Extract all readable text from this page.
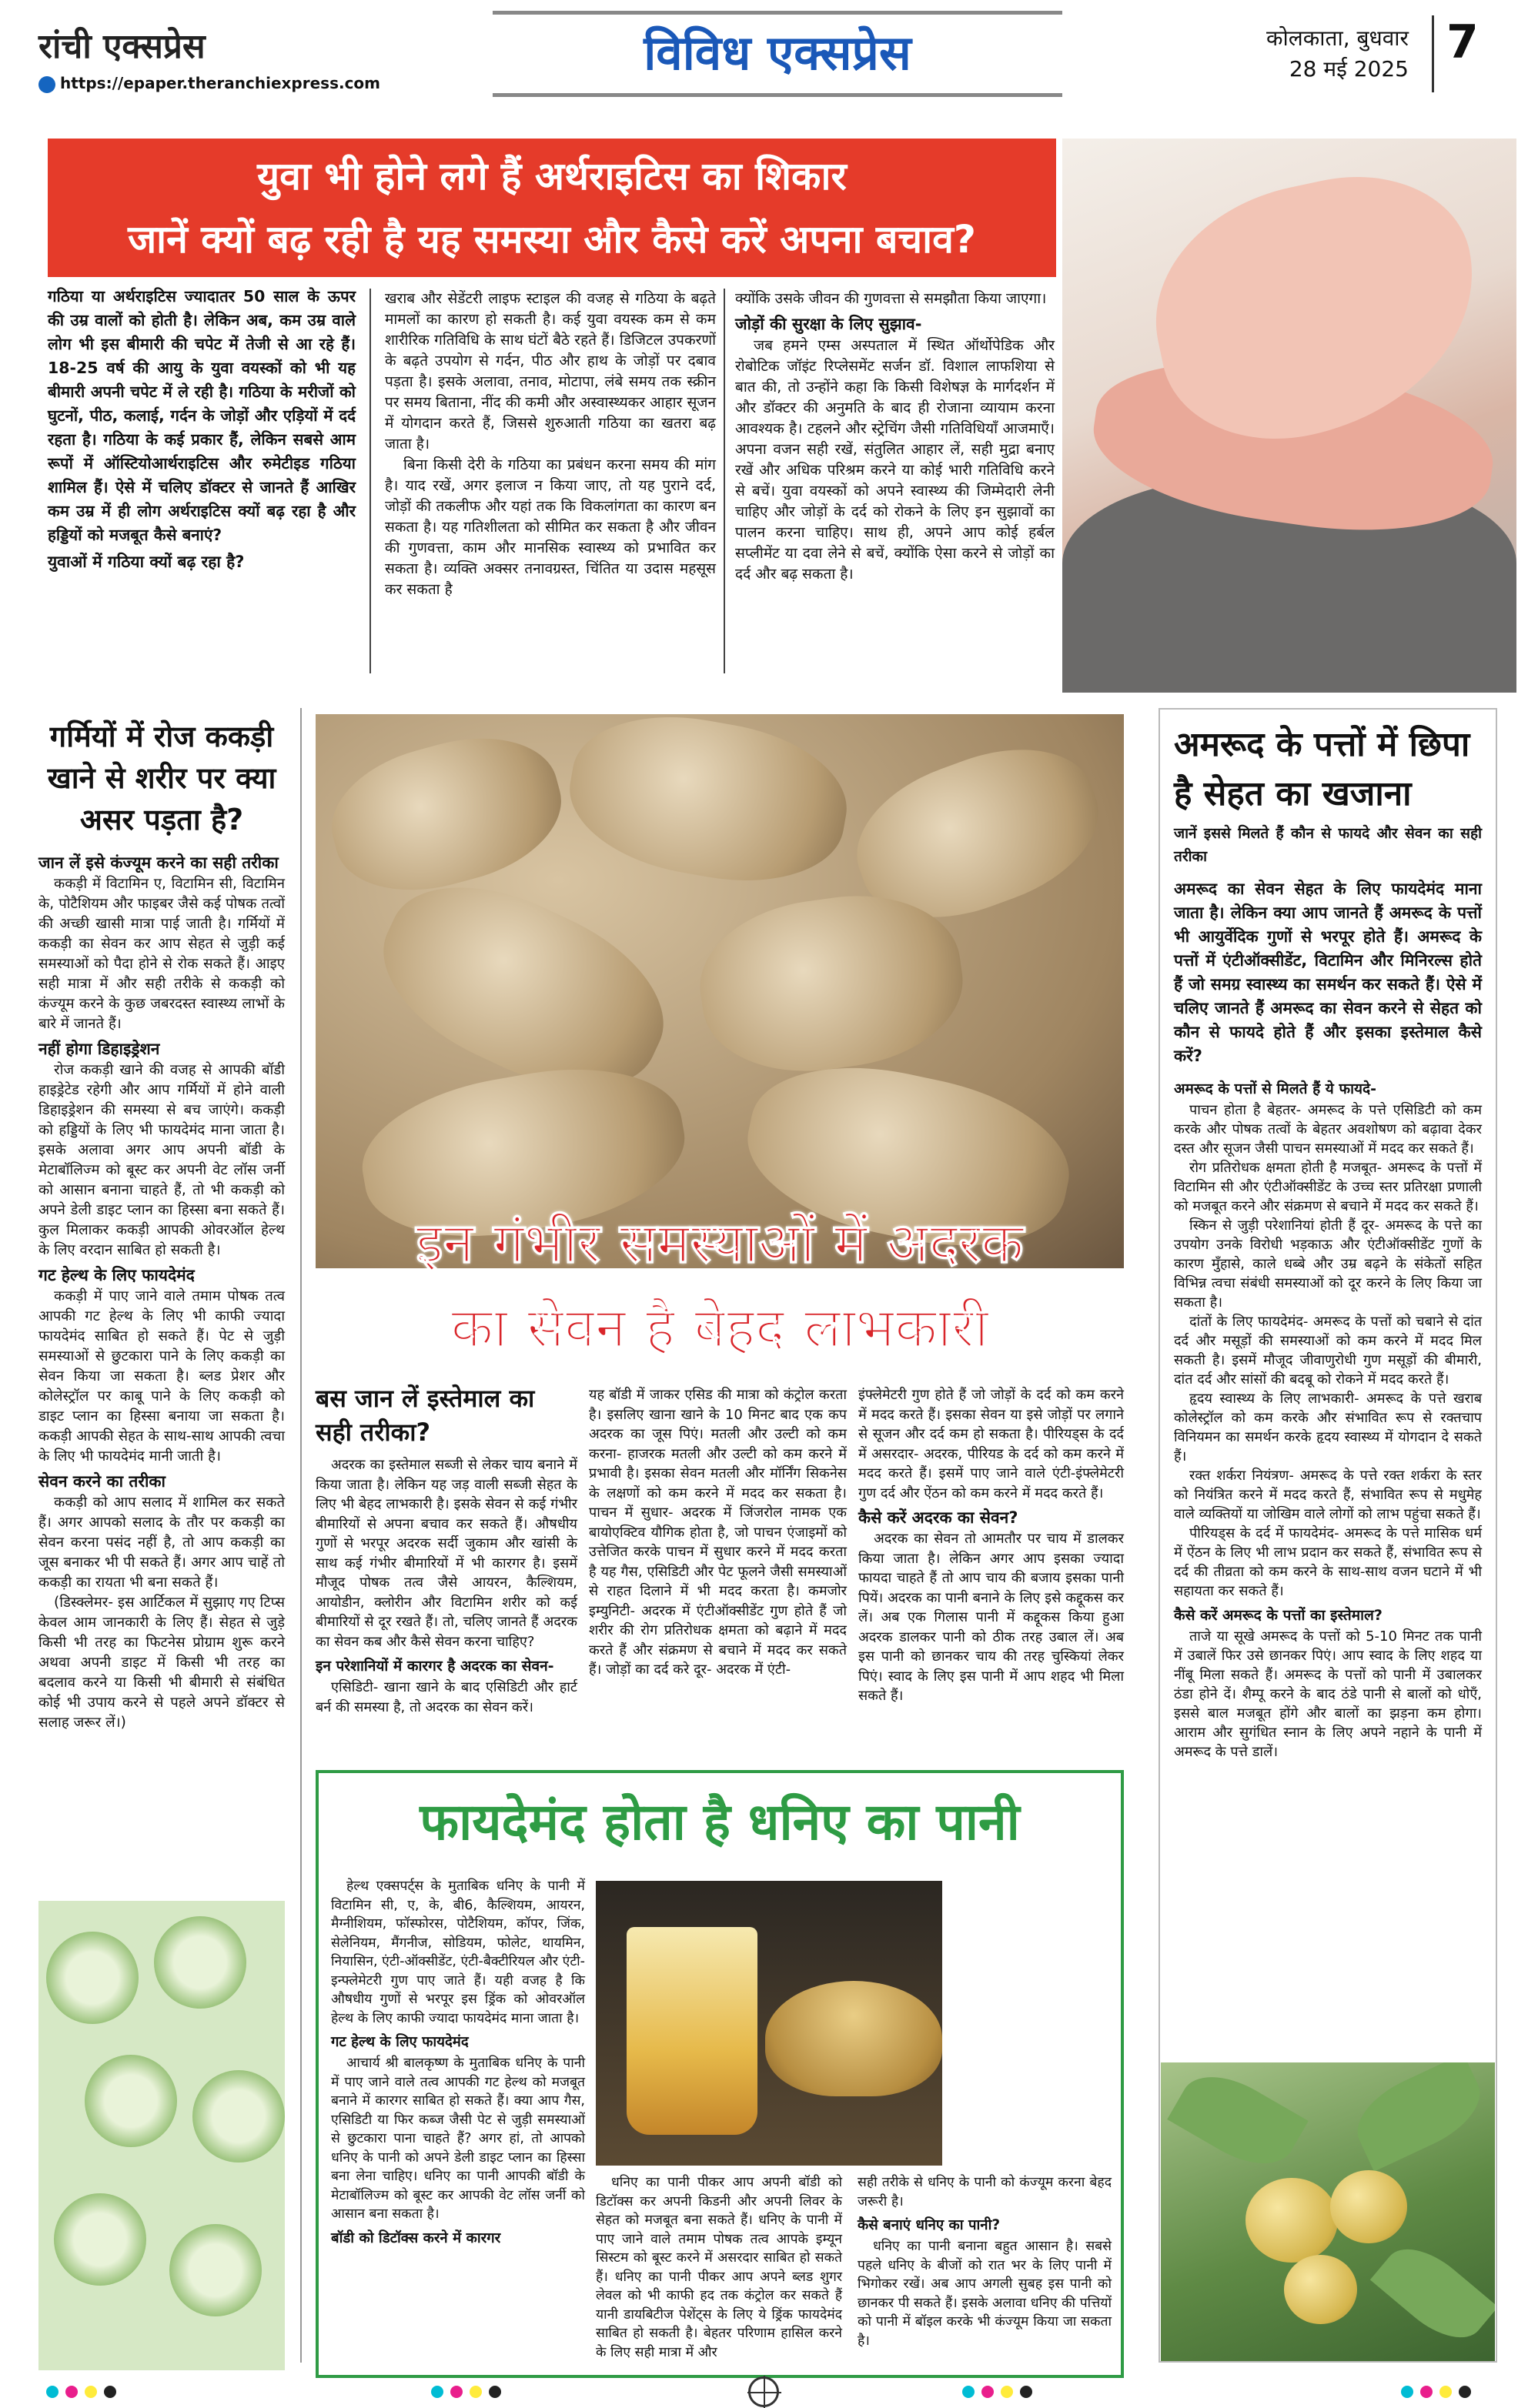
रांची एक्सप्रेस
https://epaper.theranchiexpress.com
विविध एक्सप्रेस	कोलकाता, बुधवार
28 मई 2025 7
युवा भी होने लगे हैं अर्थराइटिस का शिकार
जानें क्यों बढ़ रही है यह समस्या और कैसे करें अपना बचाव?
गठिया या अर्थराइटिस ज्यादातर 50 साल के ऊपर की उम्र वालों को होती है। लेकिन अब, कम उम्र वाले लोग भी इस बीमारी की चपेट में तेजी से आ रहे हैं। 18-25 वर्ष की आयु के युवा वयस्कों को भी यह बीमारी अपनी चपेट में ले रही है। गठिया के मरीजों को घुटनों, पीठ, कलाई, गर्दन के जोड़ों और एड़ियों में दर्द रहता है। गठिया के कई प्रकार हैं, लेकिन सबसे आम रूपों में ऑस्टियोआर्थराइटिस और रुमेटीइड गठिया शामिल हैं। ऐसे में चलिए डॉक्टर से जानते हैं आखिर कम उम्र में ही लोग अर्थराइटिस क्यों बढ़ रहा है और हड्डियों को मजबूत कैसे बनाएं?
युवाओं में गठिया क्यों बढ़ रहा है?
खराब और सेडेंटरी लाइफ स्टाइल की वजह से गठिया के बढ़ते मामलों का कारण हो सकती है। कई युवा वयस्क कम से कम शारीरिक गतिविधि के साथ घंटों बैठे रहते हैं। डिजिटल उपकरणों के बढ़ते उपयोग से गर्दन, पीठ और हाथ के जोड़ों पर दबाव पड़ता है। इसके अलावा, तनाव, मोटापा, लंबे समय तक स्क्रीन पर समय बिताना, नींद की कमी और अस्वास्थ्यकर आहार सूजन में योगदान करते हैं, जिससे शुरुआती गठिया का खतरा बढ़ जाता है।
बिना किसी देरी के गठिया का प्रबंधन करना समय की मांग है। याद रखें, अगर इलाज न किया जाए, तो यह पुराने दर्द, जोड़ों की तकलीफ और यहां तक कि विकलांगता का कारण बन सकता है। यह गतिशीलता को सीमित कर सकता है और जीवन की गुणवत्ता, काम और मानसिक स्वास्थ्य को प्रभावित कर सकता है। व्यक्ति अक्सर तनावग्रस्त, चिंतित या उदास महसूस कर सकता है
क्योंकि उसके जीवन की गुणवत्ता से समझौता किया जाएगा।
जोड़ों की सुरक्षा के लिए सुझाव-
जब हमने एम्स अस्पताल में स्थित ऑर्थोपेडिक और रोबोटिक जॉइंट रिप्लेसमेंट सर्जन डॉ. विशाल लाफशिया से बात की, तो उन्होंने कहा कि किसी विशेषज्ञ के मार्गदर्शन में और डॉक्टर की अनुमति के बाद ही रोजाना व्यायाम करना आवश्यक है। टहलने और स्ट्रेचिंग जैसी गतिविधियाँ आजमाएँ। अपना वजन सही रखें, संतुलित आहार लें, सही मुद्रा बनाए रखें और अधिक परिश्रम करने या कोई भारी गतिविधि करने से बचें। युवा वयस्कों को अपने स्वास्थ्य की जिम्मेदारी लेनी चाहिए और जोड़ों के दर्द को रोकने के लिए इन सुझावों का पालन करना चाहिए। साथ ही, अपने आप कोई हर्बल सप्लीमेंट या दवा लेने से बचें, क्योंकि ऐसा करने से जोड़ों का दर्द और बढ़ सकता है।
गर्मियों में रोज ककड़ी खाने से शरीर पर क्या असर पड़ता है?
जान लें इसे कंज्यूम करने का सही तरीका
ककड़ी में विटामिन ए, विटामिन सी, विटामिन के, पोटैशियम और फाइबर जैसे कई पोषक तत्वों की अच्छी खासी मात्रा पाई जाती है। गर्मियों में ककड़ी का सेवन कर आप सेहत से जुड़ी कई समस्याओं को पैदा होने से रोक सकते हैं। आइए सही मात्रा में और सही तरीके से ककड़ी को कंज्यूम करने के कुछ जबरदस्त स्वास्थ्य लाभों के बारे में जानते हैं।
नहीं होगा डिहाइड्रेशन
रोज ककड़ी खाने की वजह से आपकी बॉडी हाइड्रेटेड रहेगी और आप गर्मियों में होने वाली डिहाइड्रेशन की समस्या से बच जाएंगे। ककड़ी को हड्डियों के लिए भी फायदेमंद माना जाता है। इसके अलावा अगर आप अपनी बॉडी के मेटाबॉलिज्म को बूस्ट कर अपनी वेट लॉस जर्नी को आसान बनाना चाहते हैं, तो भी ककड़ी को अपने डेली डाइट प्लान का हिस्सा बना सकते हैं। कुल मिलाकर ककड़ी आपकी ओवरऑल हेल्थ के लिए वरदान साबित हो सकती है।
गट हेल्थ के लिए फायदेमंद
ककड़ी में पाए जाने वाले तमाम पोषक तत्व आपकी गट हेल्थ के लिए भी काफी ज्यादा फायदेमंद साबित हो सकते हैं। पेट से जुड़ी समस्याओं से छुटकारा पाने के लिए ककड़ी का सेवन किया जा सकता है। ब्लड प्रेशर और कोलेस्ट्रॉल पर काबू पाने के लिए ककड़ी को डाइट प्लान का हिस्सा बनाया जा सकता है। ककड़ी आपकी सेहत के साथ-साथ आपकी त्वचा के लिए भी फायदेमंद मानी जाती है।
सेवन करने का तरीका
ककड़ी को आप सलाद में शामिल कर सकते हैं। अगर आपको सलाद के तौर पर ककड़ी का सेवन करना पसंद नहीं है, तो आप ककड़ी का जूस बनाकर भी पी सकते हैं। अगर आप चाहें तो ककड़ी का रायता भी बना सकते हैं।
(डिस्क्लेमर- इस आर्टिकल में सुझाए गए टिप्स केवल आम जानकारी के लिए हैं। सेहत से जुड़े किसी भी तरह का फिटनेस प्रोग्राम शुरू करने अथवा अपनी डाइट में किसी भी तरह का बदलाव करने या किसी भी बीमारी से संबंधित कोई भी उपाय करने से पहले अपने डॉक्टर से सलाह जरूर लें।)
इन गंभीर समस्याओं में अदरक
का सेवन है बेहद लाभकारी
बस जान लें इस्तेमाल का सही तरीका?
अदरक का इस्तेमाल सब्जी से लेकर चाय बनाने में किया जाता है। लेकिन यह जड़ वाली सब्जी सेहत के लिए भी बेहद लाभकारी है। इसके सेवन से कई गंभीर बीमारियों से अपना बचाव कर सकते हैं। औषधीय गुणों से भरपूर अदरक सर्दी जुकाम और खांसी के साथ कई गंभीर बीमारियों में भी कारगर है। इसमें मौजूद पोषक तत्व जैसे आयरन, कैल्शियम, आयोडीन, क्लोरीन और विटामिन शरीर को कई बीमारियों से दूर रखते हैं। तो, चलिए जानते हैं अदरक का सेवन कब और कैसे सेवन करना चाहिए?
इन परेशानियों में कारगर है अदरक का सेवन-
एसिडिटी- खाना खाने के बाद एसिडिटी और हार्ट बर्न की समस्या है, तो अदरक का सेवन करें।
यह बॉडी में जाकर एसिड की मात्रा को कंट्रोल करता है। इसलिए खाना खाने के 10 मिनट बाद एक कप अदरक का जूस पिएं। मतली और उल्टी को कम करना- हाजरक मतली और उल्टी को कम करने में प्रभावी है। इसका सेवन मतली और मॉर्निंग सिकनेस के लक्षणों को कम करने में मदद कर सकता है। पाचन में सुधार- अदरक में जिंजरोल नामक एक बायोएक्टिव यौगिक होता है, जो पाचन एंजाइमों को उत्तेजित करके पाचन में सुधार करने में मदद करता है यह गैस, एसिडिटी और पेट फूलने जैसी समस्याओं से राहत दिलाने में भी मदद करता है। कमजोर इम्युनिटी- अदरक में एंटीऑक्सीडेंट गुण होते हैं जो शरीर की रोग प्रतिरोधक क्षमता को बढ़ाने में मदद करते हैं और संक्रमण से बचाने में मदद कर सकते हैं। जोड़ों का दर्द करे दूर- अदरक में एंटी-
इंफ्लेमेटरी गुण होते हैं जो जोड़ों के दर्द को कम करने में मदद करते हैं। इसका सेवन या इसे जोड़ों पर लगाने से सूजन और दर्द कम हो सकता है। पीरियड्स के दर्द में असरदार- अदरक, पीरियड के दर्द को कम करने में मदद करते हैं। इसमें पाए जाने वाले एंटी-इंफ्लेमेटरी गुण दर्द और ऐंठन को कम करने में मदद करते हैं।
कैसे करें अदरक का सेवन?
अदरक का सेवन तो आमतौर पर चाय में डालकर किया जाता है। लेकिन अगर आप इसका ज्यादा फायदा चाहते हैं तो आप चाय की बजाय इसका पानी पियें। अदरक का पानी बनाने के लिए इसे कद्दूकस कर लें। अब एक गिलास पानी में कद्दूकस किया हुआ अदरक डालकर पानी को ठीक तरह उबाल लें। अब इस पानी को छानकर चाय की तरह चुस्कियां लेकर पिएं। स्वाद के लिए इस पानी में आप शहद भी मिला सकते हैं।
फायदेमंद होता है धनिए का पानी
हेल्थ एक्सपर्ट्स के मुताबिक धनिए के पानी में विटामिन सी, ए, के, बी6, कैल्शियम, आयरन, मैग्नीशियम, फॉस्फोरस, पोटैशियम, कॉपर, जिंक, सेलेनियम, मैंगनीज, सोडियम, फोलेट, थायमिन, नियासिन, एंटी-ऑक्सीडेंट, एंटी-बैक्टीरियल और एंटी-इन्फ्लेमेटरी गुण पाए जाते हैं। यही वजह है कि औषधीय गुणों से भरपूर इस ड्रिंक को ओवरऑल हेल्थ के लिए काफी ज्यादा फायदेमंद माना जाता है।
गट हेल्थ के लिए फायदेमंद
आचार्य श्री बालकृष्ण के मुताबिक धनिए के पानी में पाए जाने वाले तत्व आपकी गट हेल्थ को मजबूत बनाने में कारगर साबित हो सकते हैं। क्या आप गैस, एसिडिटी या फिर कब्ज जैसी पेट से जुड़ी समस्याओं से छुटकारा पाना चाहते हैं? अगर हां, तो आपको धनिए के पानी को अपने डेली डाइट प्लान का हिस्सा बना लेना चाहिए। धनिए का पानी आपकी बॉडी के मेटाबॉलिज्म को बूस्ट कर आपकी वेट लॉस जर्नी को आसान बना सकता है।
बॉडी को डिटॉक्स करने में कारगर
धनिए का पानी पीकर आप अपनी बॉडी को डिटॉक्स कर अपनी किडनी और अपनी लिवर के सेहत को मजबूत बना सकते हैं। धनिए के पानी में पाए जाने वाले तमाम पोषक तत्व आपके इम्यून सिस्टम को बूस्ट करने में असरदार साबित हो सकते हैं। धनिए का पानी पीकर आप अपने ब्लड शुगर लेवल को भी काफी हद तक कंट्रोल कर सकते हैं यानी डायबिटीज पेशेंट्स के लिए ये ड्रिंक फायदेमंद साबित हो सकती है। बेहतर परिणाम हासिल करने के लिए सही मात्रा में और
सही तरीके से धनिए के पानी को कंज्यूम करना बेहद जरूरी है।
कैसे बनाएं धनिए का पानी?
धनिए का पानी बनाना बहुत आसान है। सबसे पहले धनिए के बीजों को रात भर के लिए पानी में भिगोकर रखें। अब आप अगली सुबह इस पानी को छानकर पी सकते हैं। इसके अलावा धनिए की पत्तियों को पानी में बॉइल करके भी कंज्यूम किया जा सकता है।
अमरूद के पत्तों में छिपा है सेहत का खजाना
जानें इससे मिलते हैं कौन से फायदे और सेवन का सही तरीका
अमरूद का सेवन सेहत के लिए फायदेमंद माना जाता है। लेकिन क्या आप जानते हैं अमरूद के पत्तों भी आयुर्वेदिक गुणों से भरपूर होते हैं। अमरूद के पत्तों में एंटीऑक्सीडेंट, विटामिन और मिनिरल्स होते हैं जो समग्र स्वास्थ्य का समर्थन कर सकते हैं। ऐसे में चलिए जानते हैं अमरूद का सेवन करने से सेहत को कौन से फायदे होते हैं और इसका इस्तेमाल कैसे करें?
अमरूद के पत्तों से मिलते हैं ये फायदे-
पाचन होता है बेहतर- अमरूद के पत्ते एसिडिटी को कम करके और पोषक तत्वों के बेहतर अवशोषण को बढ़ावा देकर दस्त और सूजन जैसी पाचन समस्याओं में मदद कर सकते हैं।
रोग प्रतिरोधक क्षमता होती है मजबूत- अमरूद के पत्तों में विटामिन सी और एंटीऑक्सीडेंट के उच्च स्तर प्रतिरक्षा प्रणाली को मजबूत करने और संक्रमण से बचाने में मदद कर सकते हैं।
स्किन से जुड़ी परेशानियां होती हैं दूर- अमरूद के पत्ते का उपयोग उनके विरोधी भड़काऊ और एंटीऑक्सीडेंट गुणों के कारण मुँहासे, काले धब्बे और उम्र बढ़ने के संकेतों सहित विभिन्न त्वचा संबंधी समस्याओं को दूर करने के लिए किया जा सकता है।
दांतों के लिए फायदेमंद- अमरूद के पत्तों को चबाने से दांत दर्द और मसूड़ों की समस्याओं को कम करने में मदद मिल सकती है। इसमें मौजूद जीवाणुरोधी गुण मसूड़ों की बीमारी, दांत दर्द और सांसों की बदबू को रोकने में मदद करते हैं।
हृदय स्वास्थ्य के लिए लाभकारी- अमरूद के पत्ते खराब कोलेस्ट्रॉल को कम करके और संभावित रूप से रक्तचाप विनियमन का समर्थन करके हृदय स्वास्थ्य में योगदान दे सकते हैं।
रक्त शर्करा नियंत्रण- अमरूद के पत्ते रक्त शर्करा के स्तर को नियंत्रित करने में मदद करते हैं, संभावित रूप से मधुमेह वाले व्यक्तियों या जोखिम वाले लोगों को लाभ पहुंचा सकते हैं।
पीरियड्स के दर्द में फायदेमंद- अमरूद के पत्ते मासिक धर्म में ऐंठन के लिए भी लाभ प्रदान कर सकते हैं, संभावित रूप से दर्द की तीव्रता को कम करने के साथ-साथ वजन घटाने में भी सहायता कर सकते हैं।
कैसे करें अमरूद के पत्तों का इस्तेमाल?
ताजे या सूखे अमरूद के पत्तों को 5-10 मिनट तक पानी में उबालें फिर उसे छानकर पिएं। आप स्वाद के लिए शहद या नींबू मिला सकते हैं। अमरूद के पत्तों को पानी में उबालकर ठंडा होने दें। शैम्पू करने के बाद ठंडे पानी से बालों को धोएँ, इससे बाल मजबूत होंगे और बालों का झड़ना कम होगा। आराम और सुगंधित स्नान के लिए अपने नहाने के पानी में अमरूद के पत्ते डालें।
